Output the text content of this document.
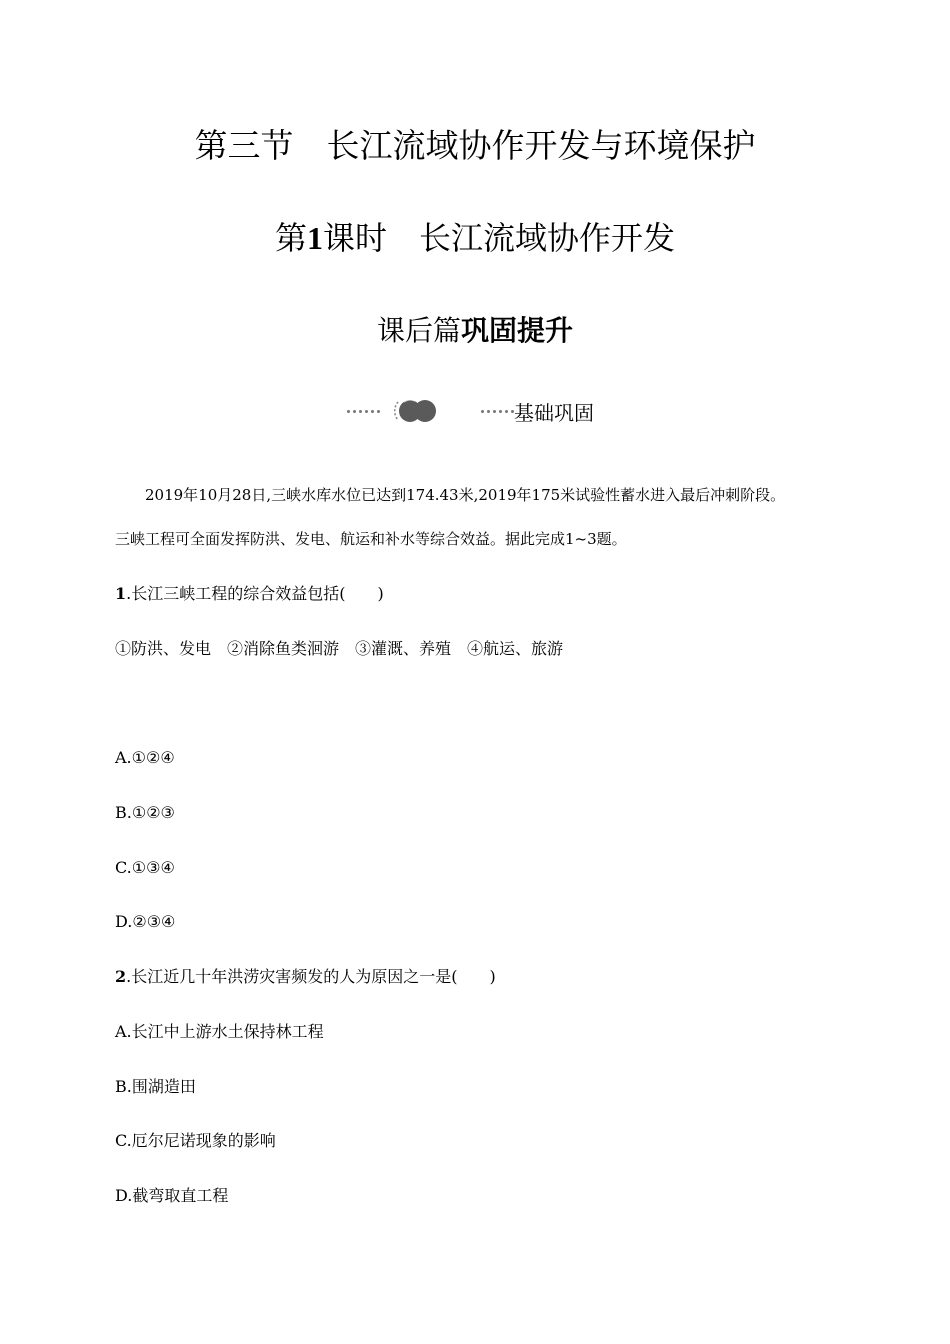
第三节　长江流域协作开发与环境保护
第1课时　长江流域协作开发
课后篇巩固提升
基础巩固
2019年10月28日,三峡水库水位已达到174.43米,2019年175米试验性蓄水进入最后冲刺阶段。
三峡工程可全面发挥防洪、发电、航运和补水等综合效益。据此完成1~3题。
1.长江三峡工程的综合效益包括(　　)
①防洪、发电　②消除鱼类洄游　③灌溉、养殖　④航运、旅游
A.①②④
B.①②③
C.①③④
D.②③④
2.长江近几十年洪涝灾害频发的人为原因之一是(　　)
A.长江中上游水土保持林工程
B.围湖造田
C.厄尔尼诺现象的影响
D.截弯取直工程
